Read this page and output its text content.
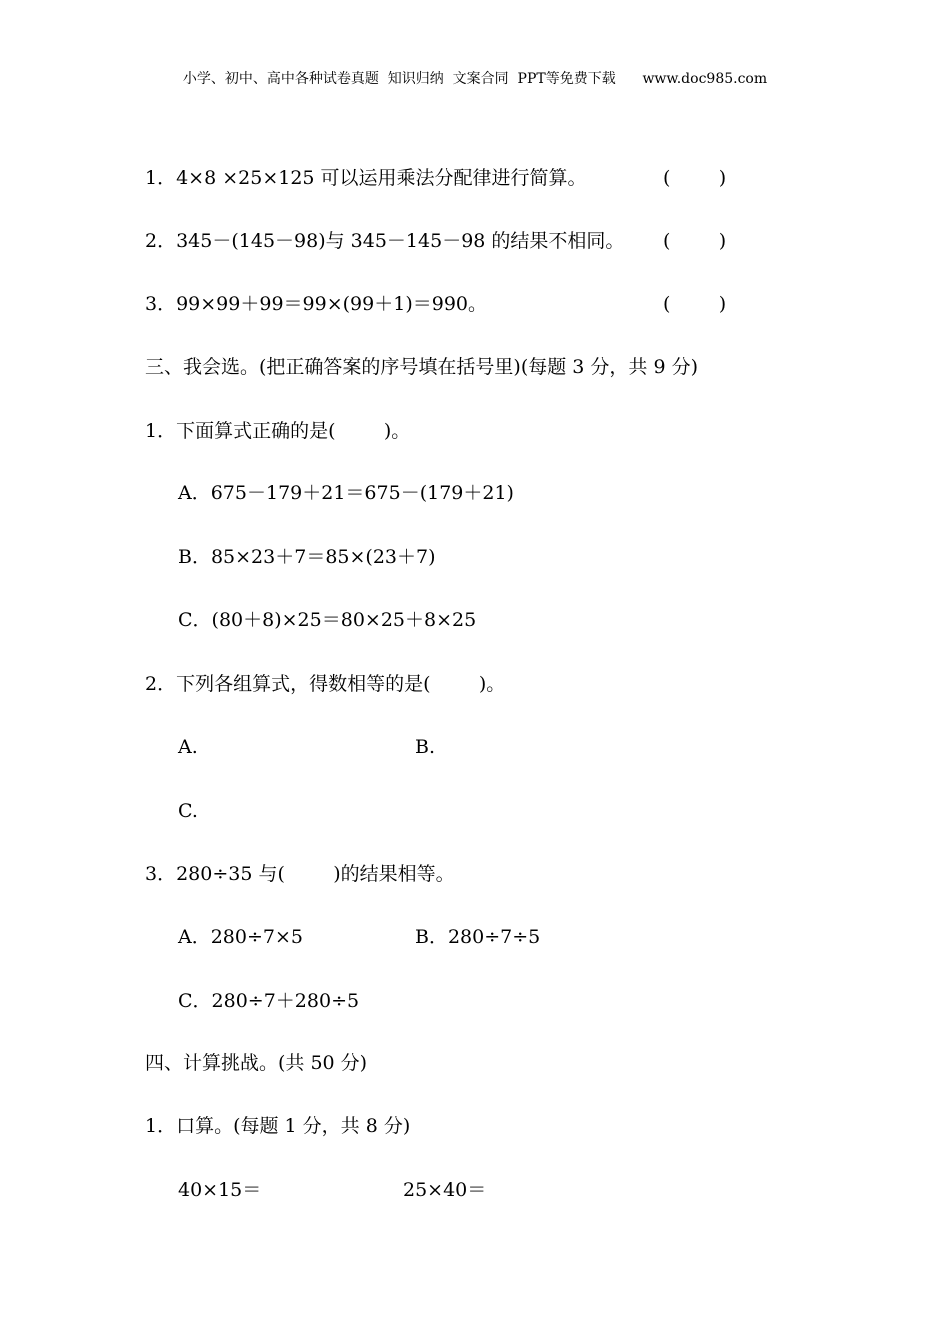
小学、初中、高中各种试卷真题  知识归纳  文案合同  PPT等免费下载      www.doc985.com
1．4×8 ×25×125 可以运用乘法分配律进行简算。	(        )
2．345－(145－98)与 345－145－98 的结果不相同。 (        )
3．99×99＋99＝99×(99＋1)＝990。	(        )
三、我会选。(把正确答案的序号填在括号里)(每题 3 分，共 9 分)
1．下面算式正确的是(        )。
A．675－179＋21＝675－(179＋21)
B．85×23＋7＝85×(23＋7)
C．(80＋8)×25＝80×25＋8×25
2．下列各组算式，得数相等的是(        )。
A.	B.
C.
3．280÷35 与(        )的结果相等。
A．280÷7×5	B．280÷7÷5
C．280÷7＋280÷5
四、计算挑战。(共 50 分)
1．口算。(每题 1 分，共 8 分)
40×15＝	25×40＝
